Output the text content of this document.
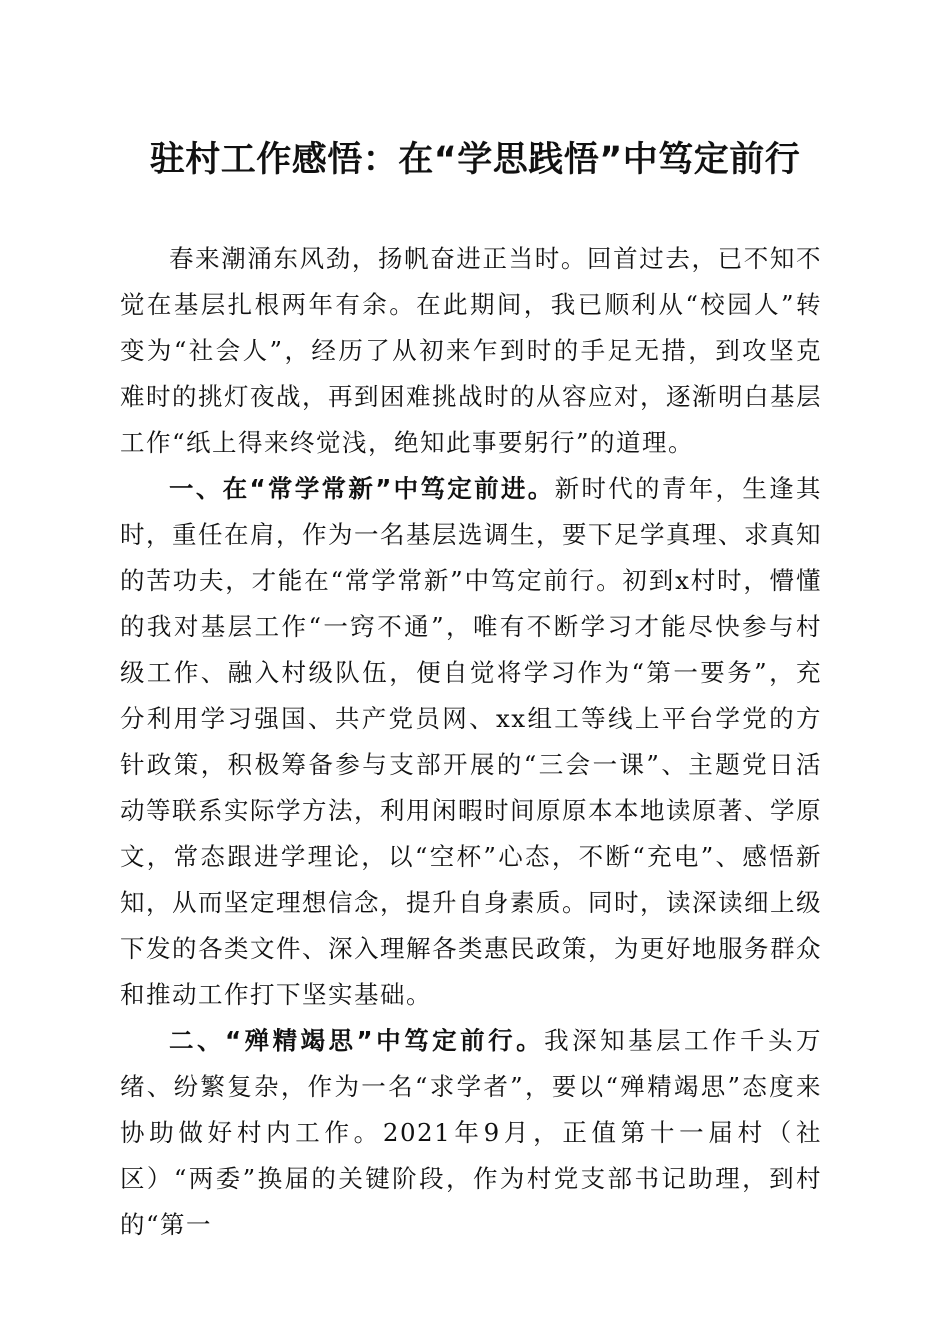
驻村工作感悟：在“学思践悟”中笃定前行

春来潮涌东风劲，扬帆奋进正当时。回首过去，已不知不觉在基层扎根两年有余。在此期间，我已顺利从“校园人”转变为“社会人”，经历了从初来乍到时的手足无措，到攻坚克难时的挑灯夜战，再到困难挑战时的从容应对，逐渐明白基层工作“纸上得来终觉浅，绝知此事要躬行”的道理。

一、在“常学常新”中笃定前进。新时代的青年，生逢其时，重任在肩，作为一名基层选调生，要下足学真理、求真知的苦功夫，才能在“常学常新”中笃定前行。初到x村时，懵懂的我对基层工作“一窍不通”，唯有不断学习才能尽快参与村级工作、融入村级队伍，便自觉将学习作为“第一要务”，充分利用学习强国、共产党员网、xx组工等线上平台学党的方针政策，积极筹备参与支部开展的“三会一课”、主题党日活动等联系实际学方法，利用闲暇时间原原本本地读原著、学原文，常态跟进学理论，以“空杯”心态，不断“充电”、感悟新知，从而坚定理想信念，提升自身素质。同时，读深读细上级下发的各类文件、深入理解各类惠民政策，为更好地服务群众和推动工作打下坚实基础。

二、“殚精竭思”中笃定前行。我深知基层工作千头万绪、纷繁复杂，作为一名“求学者”，要以“殚精竭思”态度来协助做好村内工作。2021年9月，正值第十一届村（社区）“两委”换届的关键阶段，作为村党支部书记助理，到村的“第一
